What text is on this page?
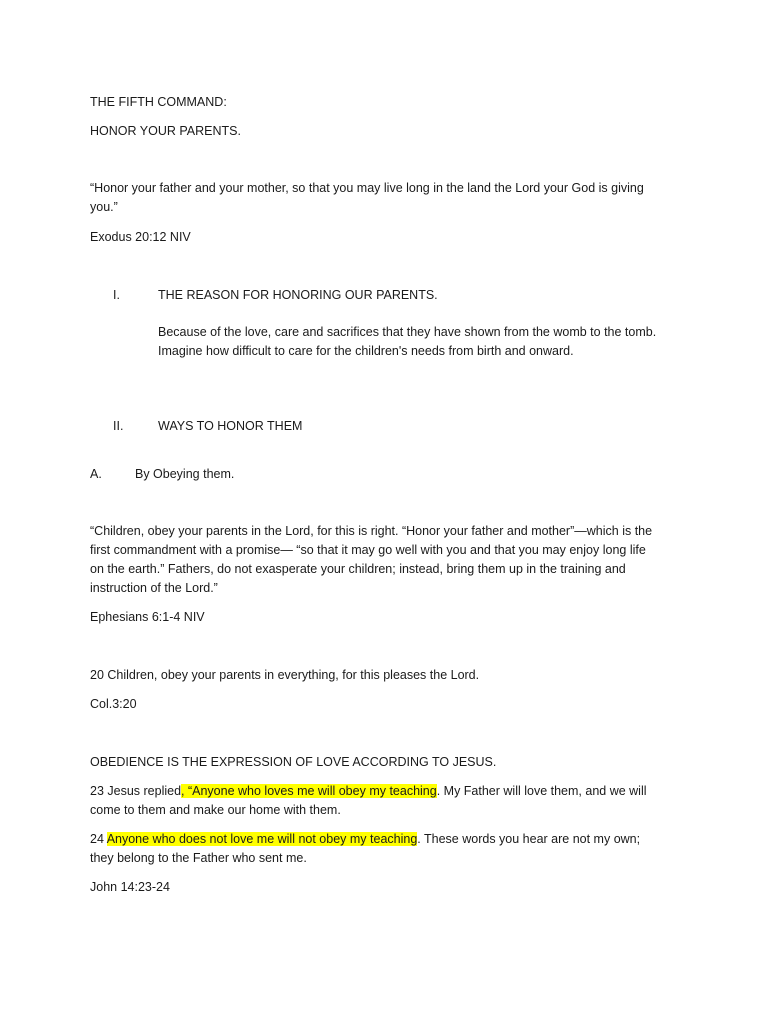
THE FIFTH COMMAND:
HONOR YOUR PARENTS.
“Honor your father and your mother, so that you may live long in the land the Lord your God is giving
you.”
Exodus 20:12 NIV
I.	THE REASON FOR HONORING OUR PARENTS.
Because of the love, care and sacrifices that they have shown from the womb to the tomb.
Imagine how difficult to care for the children's needs from birth and onward.
II.	WAYS TO HONOR THEM
A.	By Obeying them.
“Children, obey your parents in the Lord, for this is right. “Honor your father and mother”—which is the
first commandment with a promise— “so that it may go well with you and that you may enjoy long life
on the earth.” Fathers, do not exasperate your children; instead, bring them up in the training and
instruction of the Lord.”
Ephesians 6:1-4 NIV
20 Children, obey your parents in everything, for this pleases the Lord.
Col.3:20
OBEDIENCE IS THE EXPRESSION OF LOVE ACCORDING TO JESUS.
23 Jesus replied, “Anyone who loves me will obey my teaching. My Father will love them, and we will
come to them and make our home with them.
24 Anyone who does not love me will not obey my teaching. These words you hear are not my own;
they belong to the Father who sent me.
John 14:23-24
